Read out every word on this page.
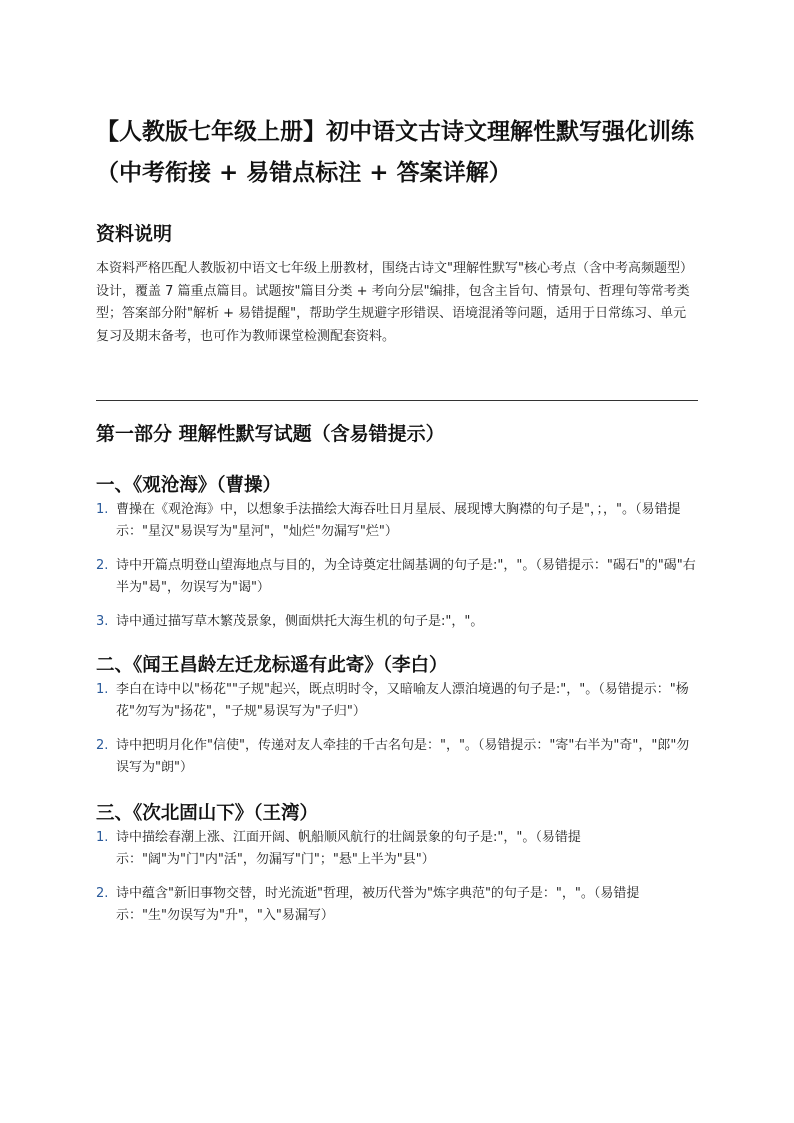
【人教版七年级上册】初中语文古诗文理解性默写强化训练（中考衔接 + 易错点标注 + 答案详解）
资料说明

本资料严格匹配人教版初中语文七年级上册教材，围绕古诗文"理解性默写"核心考点（含中考高频题型）设计，覆盖 7 篇重点篇目。试题按"篇目分类 + 考向分层"编排，包含主旨句、情景句、哲理句等常考类型；答案部分附"解析 + 易错提醒"，帮助学生规避字形错误、语境混淆等问题，适用于日常练习、单元复习及期末备考，也可作为教师课堂检测配套资料。

第一部分 理解性默写试题（含易错提示）
一、《观沧海》（曹操）
1. 曹操在《观沧海》中，以想象手法描绘大海吞吐日月星辰、展现博大胸襟的句子是"，；，"。（易错提示："星汉"易误写为"星河"，"灿烂"勿漏写"烂"）
2. 诗中开篇点明登山望海地点与目的，为全诗奠定壮阔基调的句子是:"，"。（易错提示："碣石"的"碣"右半为"曷"，勿误写为"谒"）
3. 诗中通过描写草木繁茂景象，侧面烘托大海生机的句子是:"，"。
二、《闻王昌龄左迁龙标遥有此寄》（李白）
1. 李白在诗中以"杨花""子规"起兴，既点明时令，又暗喻友人漂泊境遇的句子是:"，"。（易错提示："杨花"勿写为"扬花"，"子规"易误写为"子归"）
2. 诗中把明月化作"信使"，传递对友人牵挂的千古名句是："，"。（易错提示："寄"右半为"奇"，"郎"勿误写为"朗"）
三、《次北固山下》（王湾）
1. 诗中描绘春潮上涨、江面开阔、帆船顺风航行的壮阔景象的句子是:"，"。（易错提示："阔"为"门"内"活"，勿漏写"门"；"悬"上半为"县"）
2. 诗中蕴含"新旧事物交替，时光流逝"哲理，被历代誉为"炼字典范"的句子是："，"。（易错提示："生"勿误写为"升"，"入"易漏写）
